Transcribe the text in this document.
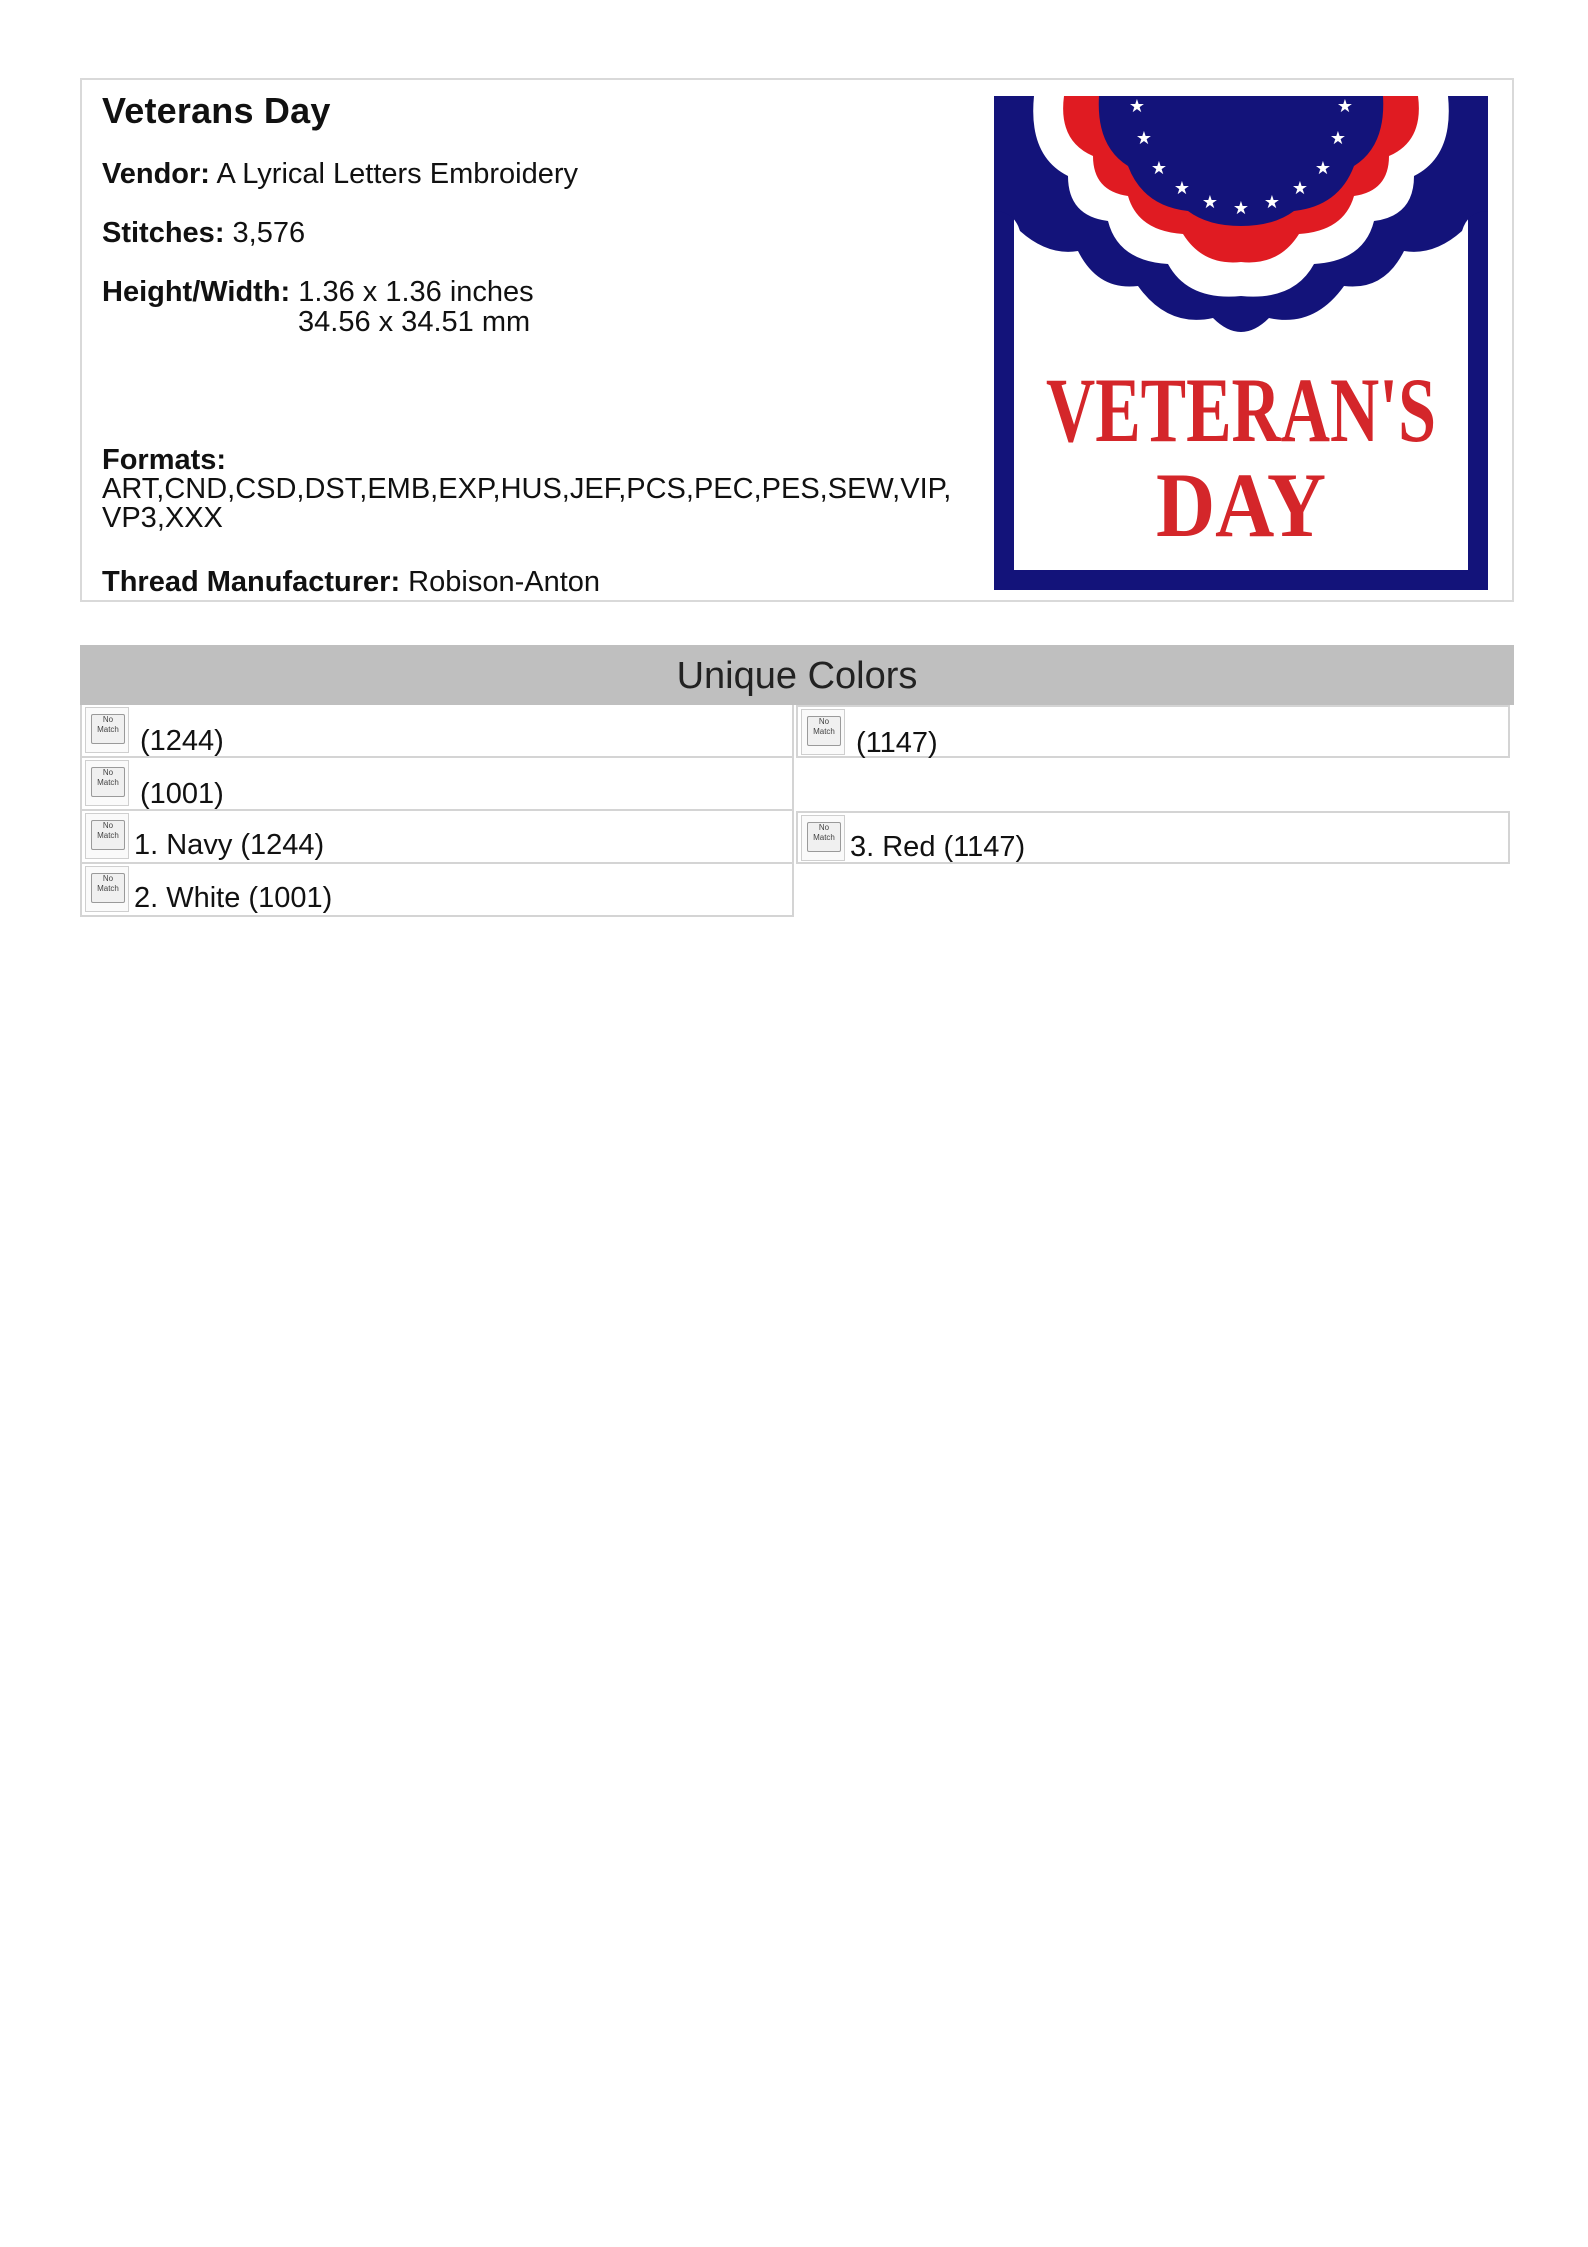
Veterans Day
Vendor: A Lyrical Letters Embroidery
Stitches: 3,576
Height/Width: 1.36 x 1.36 inches
34.56 x 34.51 mm
Formats:
ART,CND,CSD,DST,EMB,EXP,HUS,JEF,PCS,PEC,PES,SEW,VIP,VP3,XXX
Thread Manufacturer: Robison-Anton
★
★
★
★
★ ★ ★
★
★
★
★
VETERAN'S
DAY
Unique Colors
No Match (1244)
No Match (1147)
No Match (1001)
No Match 1. Navy (1244)
No Match 3. Red (1147)
No Match 2. White (1001)
